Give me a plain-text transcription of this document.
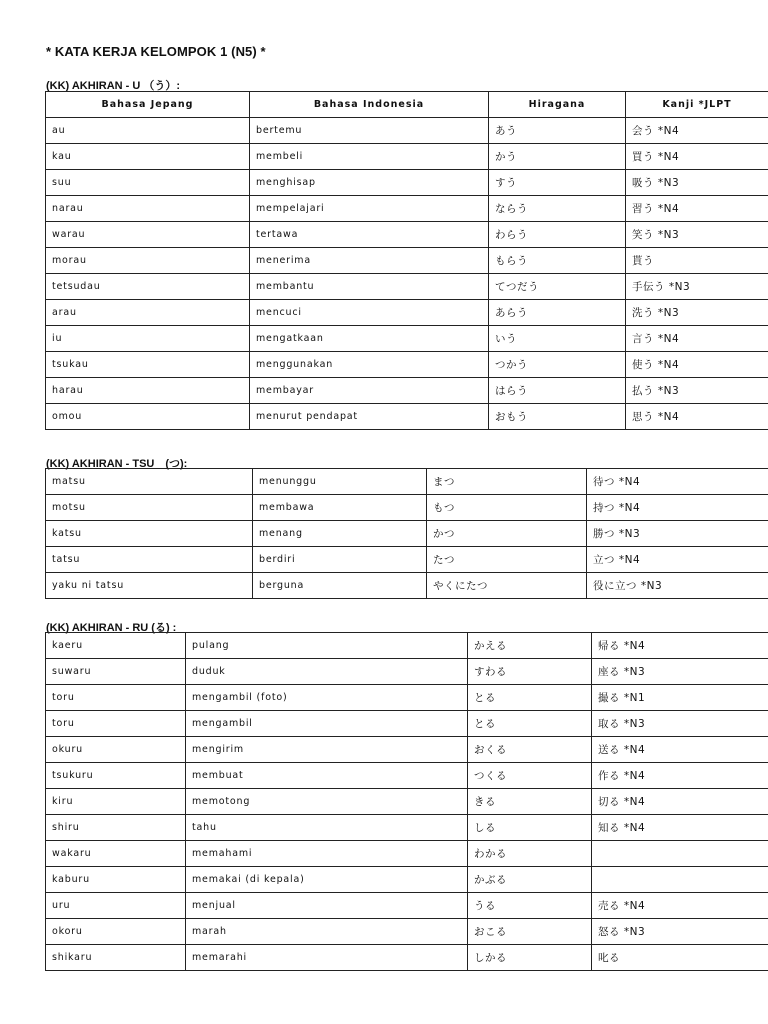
* KATA KERJA KELOMPOK 1 (N5) *
(KK) AKHIRAN - U （う）:
Bahasa Jepang	Bahasa Indonesia	Hiragana	Kanji *JLPT
au	bertemu	あう	会う *N4
kau	membeli	かう	買う *N4
suu	menghisap	すう	吸う *N3
narau	mempelajari	ならう	習う *N4
warau	tertawa	わらう	笑う *N3
morau	menerima	もらう	貰う
tetsudau	membantu	てつだう	手伝う *N3
arau	mencuci	あらう	洗う *N3
iu	mengatkaan	いう	言う *N4
tsukau	menggunakan	つかう	使う *N4
harau	membayar	はらう	払う *N3
omou	menurut pendapat	おもう	思う *N4
(KK) AKHIRAN - TSU　(つ):
matsu	menunggu	まつ	待つ *N4
motsu	membawa	もつ	持つ *N4
katsu	menang	かつ	勝つ *N3
tatsu	berdiri	たつ	立つ *N4
yaku ni tatsu	berguna	やくにたつ	役に立つ *N3
(KK) AKHIRAN - RU (る) :
kaeru	pulang	かえる	帰る *N4
suwaru	duduk	すわる	座る *N3
toru	mengambil (foto)	とる	撮る *N1
toru	mengambil	とる	取る *N3
okuru	mengirim	おくる	送る *N4
tsukuru	membuat	つくる	作る *N4
kiru	memotong	きる	切る *N4
shiru	tahu	しる	知る *N4
wakaru	memahami	わかる	
kaburu	memakai (di kepala)	かぶる	
uru	menjual	うる	売る *N4
okoru	marah	おこる	怒る *N3
shikaru	memarahi	しかる	叱る
